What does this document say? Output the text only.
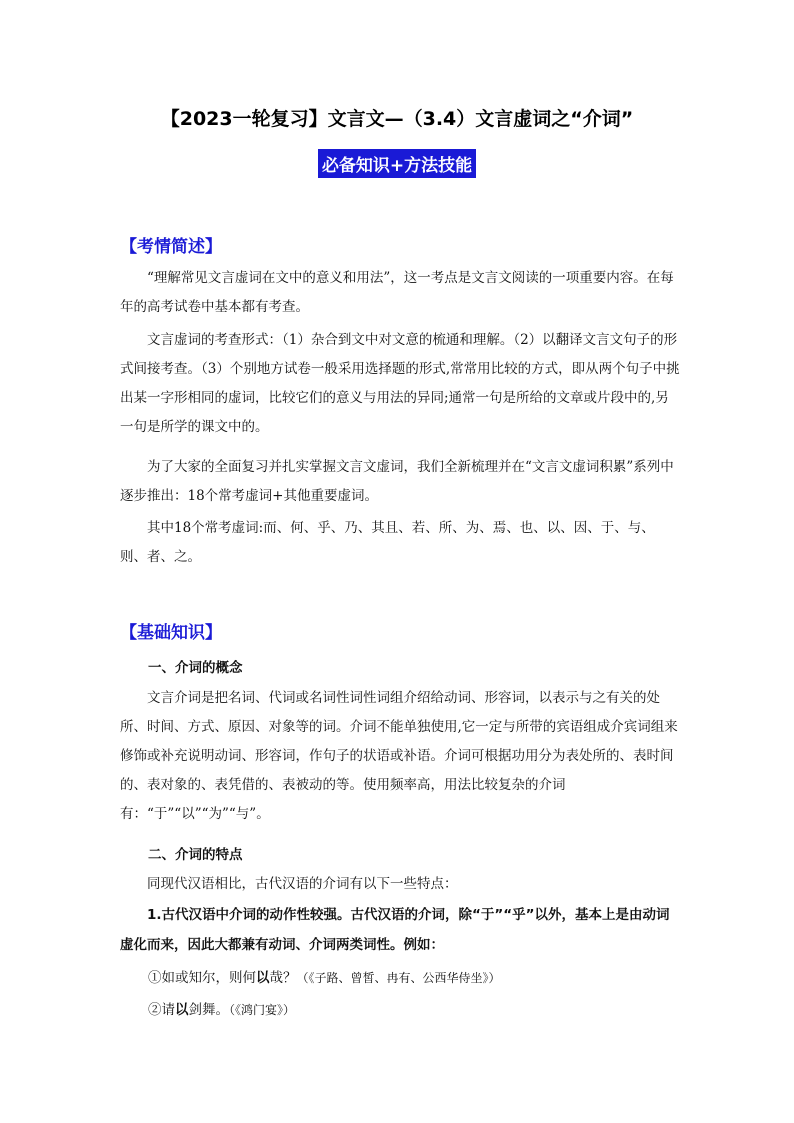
【2023一轮复习】文言文—（3.4）文言虚词之“介词”
必备知识+方法技能
【考情简述】

“理解常见文言虚词在文中的意义和用法”，这一考点是文言文阅读的一项重要内容。在每年的高考试卷中基本都有考查。

文言虚词的考查形式：（1）杂合到文中对文意的梳通和理解。（2）以翻译文言文句子的形式间接考查。（3）个别地方试卷一般采用选择题的形式,常常用比较的方式，即从两个句子中挑出某一字形相同的虚词，比较它们的意义与用法的异同;通常一句是所给的文章或片段中的,另一句是所学的课文中的。

为了大家的全面复习并扎实掌握文言文虚词，我们全新梳理并在“文言文虚词积累”系列中逐步推出：18个常考虚词+其他重要虚词。

其中18个常考虚词:而、何、乎、乃、其且、若、所、为、焉、也、以、因、于、与、则、者、之。

【基础知识】
一、介词的概念

文言介词是把名词、代词或名词性词性词组介绍给动词、形容词，以表示与之有关的处所、时间、方式、原因、对象等的词。介词不能单独使用,它一定与所带的宾语组成介宾词组来修饰或补充说明动词、形容词，作句子的状语或补语。介词可根据功用分为表处所的、表时间的、表对象的、表凭借的、表被动的等。使用频率高，用法比较复杂的介词有：“于”“以”“为”“与”。

二、介词的特点

同现代汉语相比，古代汉语的介词有以下一些特点：

1.古代汉语中介词的动作性较强。古代汉语的介词，除“于”“乎”以外，基本上是由动词虚化而来，因此大都兼有动词、介词两类词性。例如：

①如或知尔，则何以哉？（《子路、曾皙、冉有、公西华侍坐》）
②请以剑舞。（《鸿门宴》）
